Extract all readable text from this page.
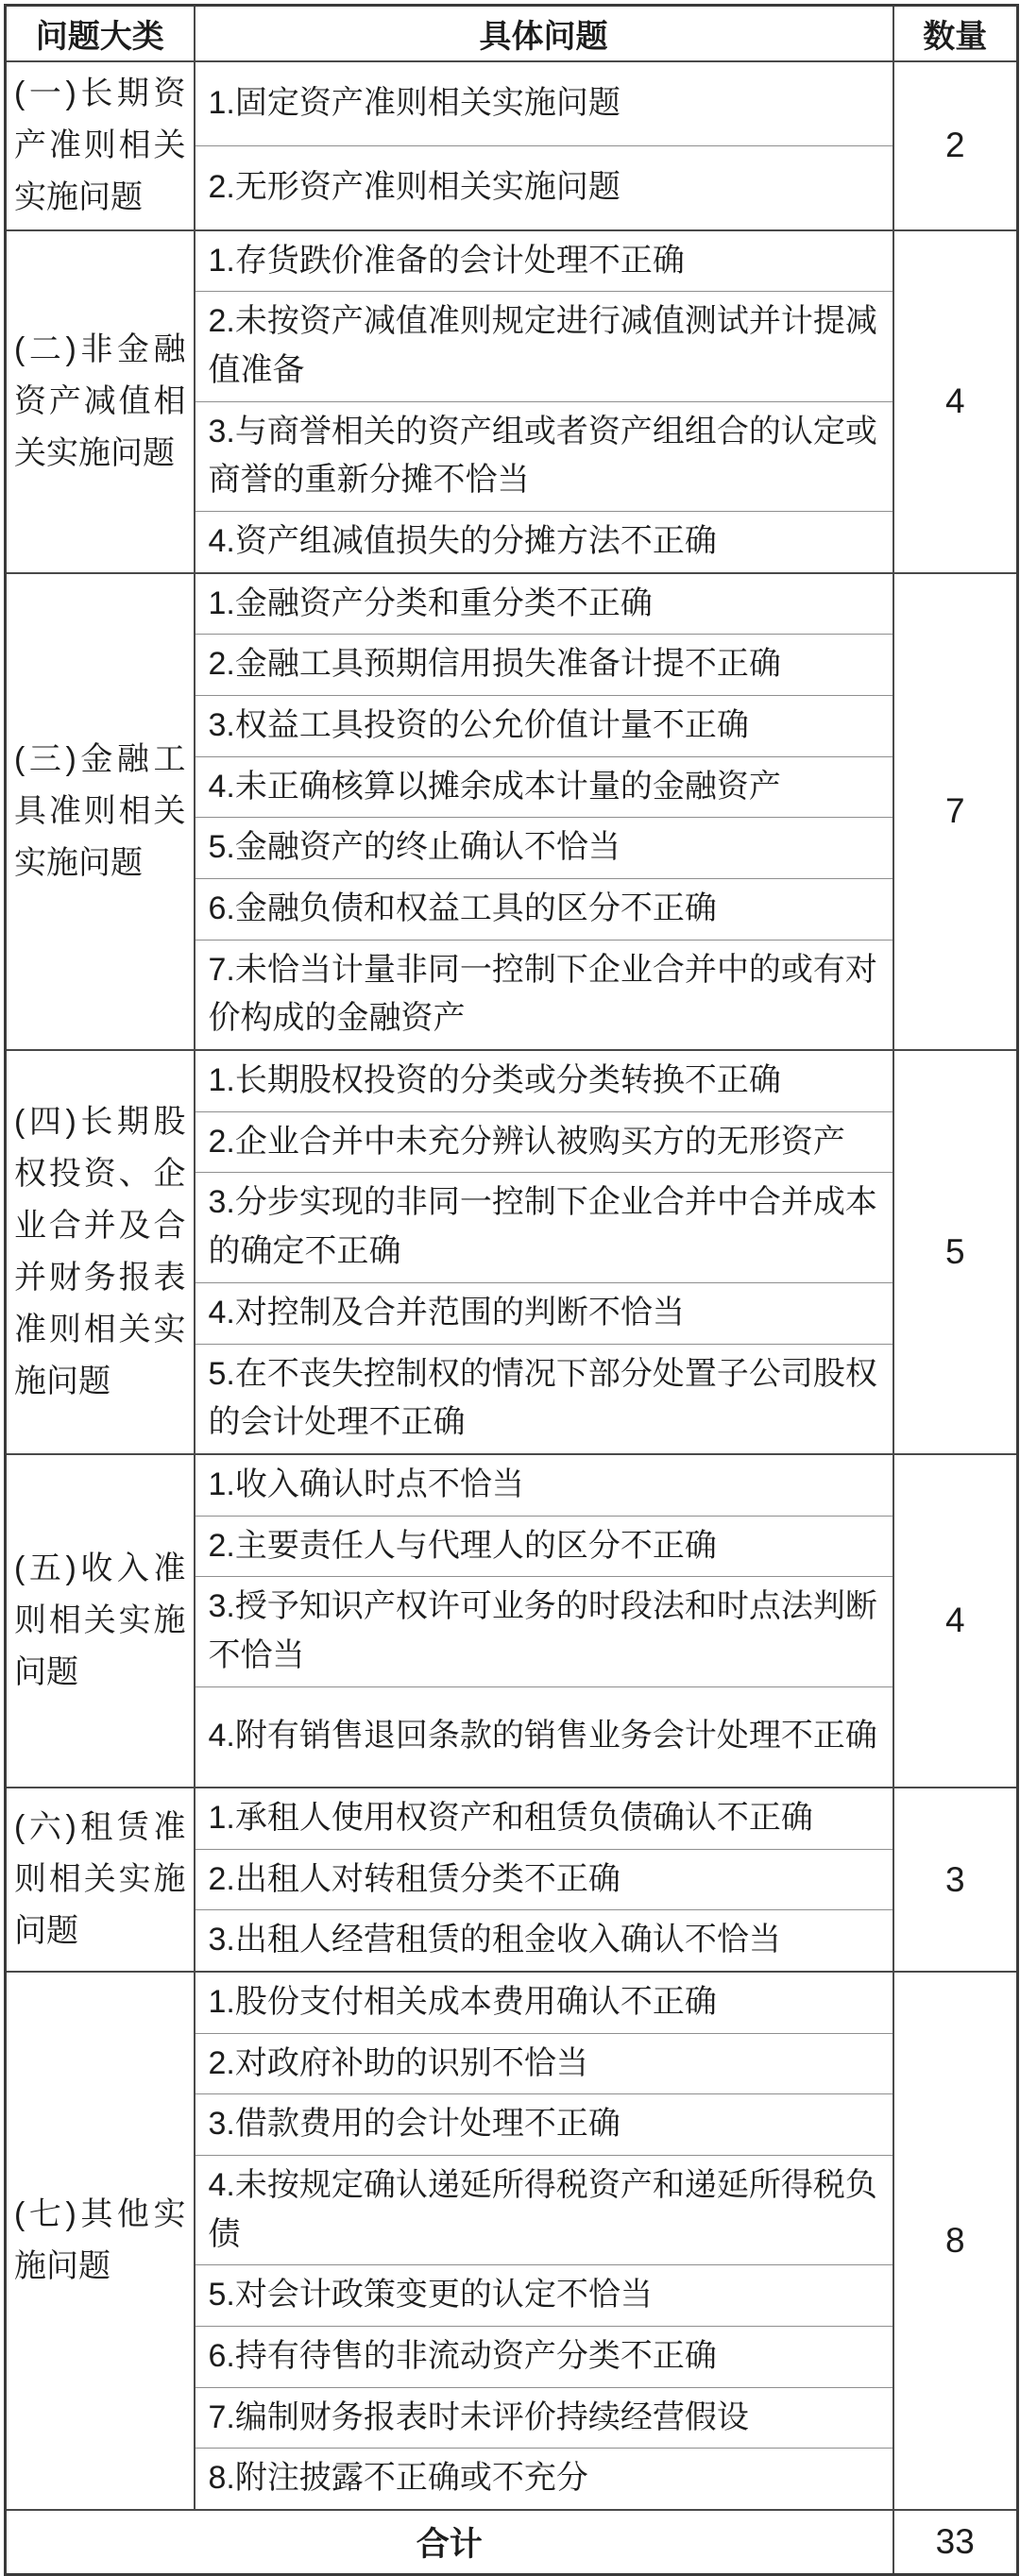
问题大类	具体问题	数量
(一)长期资产准则相关实施问题	1.固定资产准则相关实施问题	2
	2.无形资产准则相关实施问题	
(二)非金融资产减值相关实施问题	1.存货跌价准备的会计处理不正确	4
	2.未按资产减值准则规定进行减值测试并计提减值准备	
	3.与商誉相关的资产组或者资产组组合的认定或商誉的重新分摊不恰当	
	4.资产组减值损失的分摊方法不正确	
(三)金融工具准则相关实施问题	1.金融资产分类和重分类不正确	7
	2.金融工具预期信用损失准备计提不正确	
	3.权益工具投资的公允价值计量不正确	
	4.未正确核算以摊余成本计量的金融资产	
	5.金融资产的终止确认不恰当	
	6.金融负债和权益工具的区分不正确	
	7.未恰当计量非同一控制下企业合并中的或有对价构成的金融资产	
(四)长期股权投资、企业合并及合并财务报表准则相关实施问题	1.长期股权投资的分类或分类转换不正确	5
	2.企业合并中未充分辨认被购买方的无形资产	
	3.分步实现的非同一控制下企业合并中合并成本的确定不正确	
	4.对控制及合并范围的判断不恰当	
	5.在不丧失控制权的情况下部分处置子公司股权的会计处理不正确	
(五)收入准则相关实施问题	1.收入确认时点不恰当	4
	2.主要责任人与代理人的区分不正确	
	3.授予知识产权许可业务的时段法和时点法判断不恰当	
	4.附有销售退回条款的销售业务会计处理不正确	
(六)租赁准则相关实施问题	1.承租人使用权资产和租赁负债确认不正确	3
	2.出租人对转租赁分类不正确	
	3.出租人经营租赁的租金收入确认不恰当	
(七)其他实施问题	1.股份支付相关成本费用确认不正确	8
	2.对政府补助的识别不恰当	
	3.借款费用的会计处理不正确	
	4.未按规定确认递延所得税资产和递延所得税负债	
	5.对会计政策变更的认定不恰当	
	6.持有待售的非流动资产分类不正确	
	7.编制财务报表时未评价持续经营假设	
	8.附注披露不正确或不充分	
合计		33
